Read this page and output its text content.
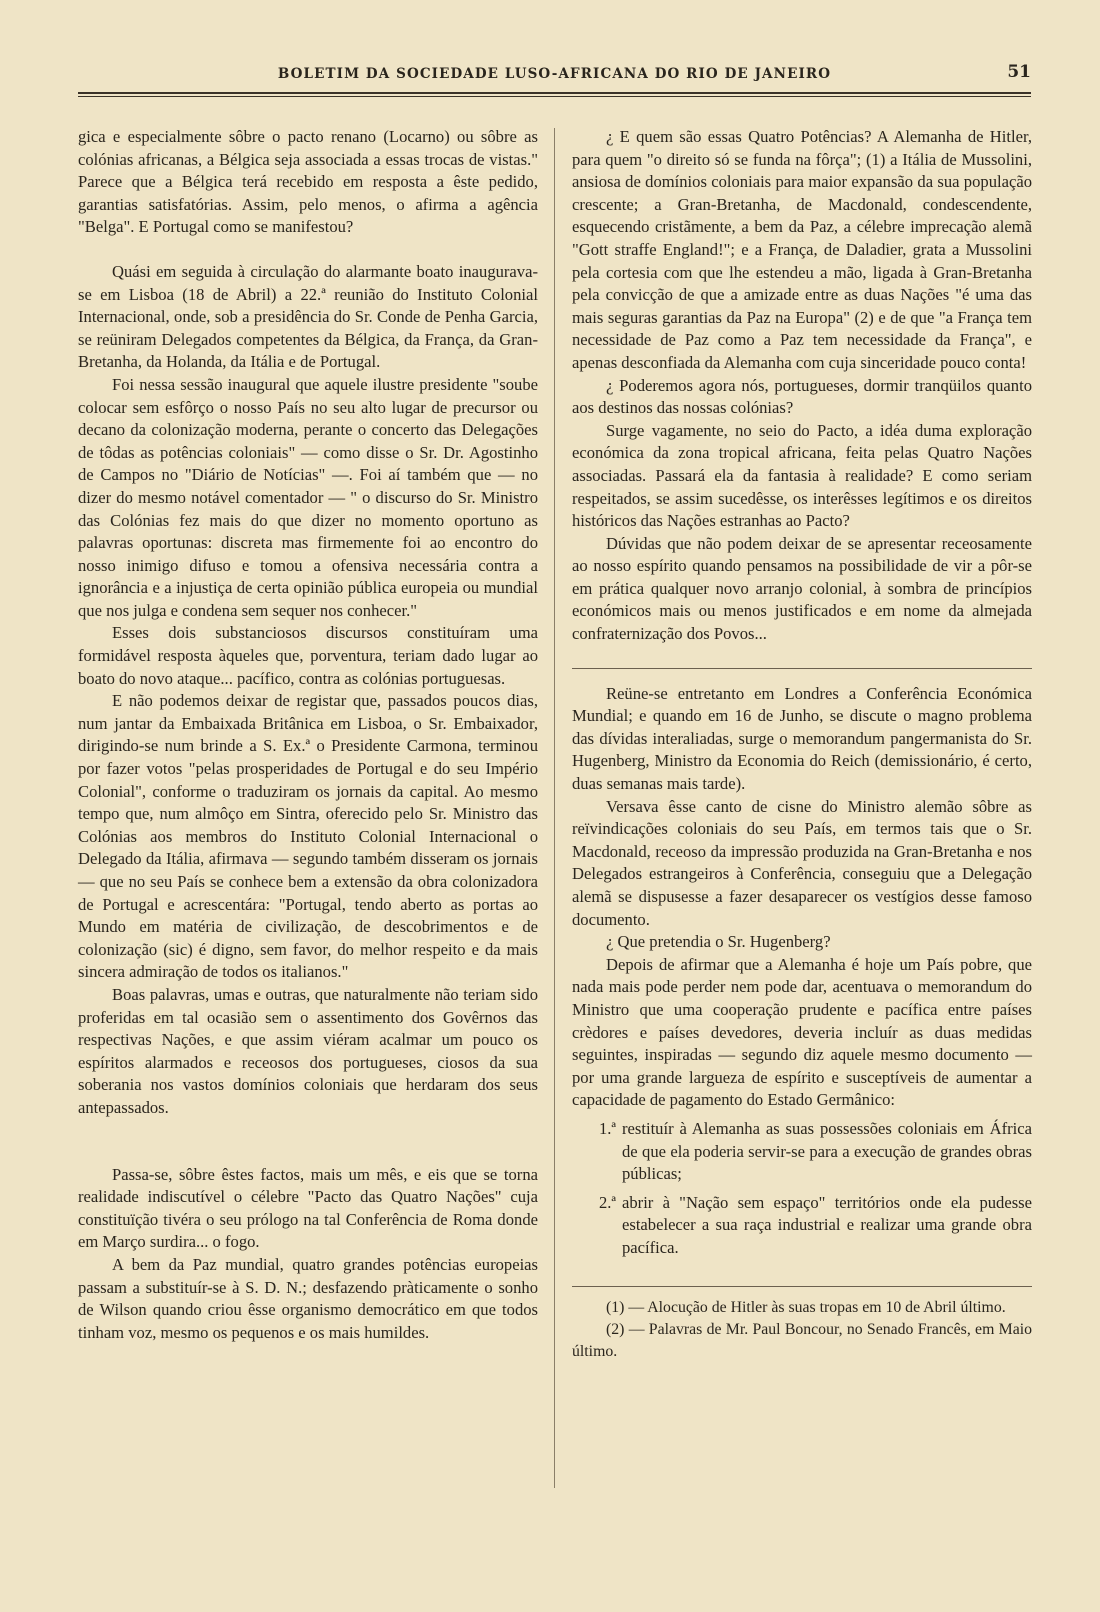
BOLETIM DA SOCIEDADE LUSO-AFRICANA DO RIO DE JANEIRO	51

gica e especialmente sôbre o pacto renano (Locarno) ou sôbre as colónias africanas, a Bélgica seja associada a essas trocas de vistas." Parece que a Bélgica terá recebido em resposta a êste pedido, garantias satisfatórias. Assim, pelo menos, o afirma a agência "Belga". E Portugal como se manifestou?

Quási em seguida à circulação do alarmante boato inaugurava-se em Lisboa (18 de Abril) a 22.ª reunião do Instituto Colonial Internacional, onde, sob a presidência do Sr. Conde de Penha Garcia, se reüniram Delegados competentes da Bélgica, da França, da Gran-Bretanha, da Holanda, da Itália e de Portugal.

Foi nessa sessão inaugural que aquele ilustre presidente "soube colocar sem esfôrço o nosso País no seu alto lugar de precursor ou decano da colonização moderna, perante o concerto das Delegações de tôdas as potências coloniais" — como disse o Sr. Dr. Agostinho de Campos no "Diário de Notícias" —. Foi aí também que — no dizer do mesmo notável comentador — " o discurso do Sr. Ministro das Colónias fez mais do que dizer no momento oportuno as palavras oportunas: discreta mas firmemente foi ao encontro do nosso inimigo difuso e tomou a ofensiva necessária contra a ignorância e a injustiça de certa opinião pública europeia ou mundial que nos julga e condena sem sequer nos conhecer."

Esses dois substanciosos discursos constituíram uma formidável resposta àqueles que, porventura, teriam dado lugar ao boato do novo ataque... pacífico, contra as colónias portuguesas.

E não podemos deixar de registar que, passados poucos dias, num jantar da Embaixada Britânica em Lisboa, o Sr. Embaixador, dirigindo-se num brinde a S. Ex.ª o Presidente Carmona, terminou por fazer votos "pelas prosperidades de Portugal e do seu Império Colonial", conforme o traduziram os jornais da capital. Ao mesmo tempo que, num almôço em Sintra, oferecido pelo Sr. Ministro das Colónias aos membros do Instituto Colonial Internacional o Delegado da Itália, afirmava — segundo também disseram os jornais — que no seu País se conhece bem a extensão da obra colonizadora de Portugal e acrescentára: "Portugal, tendo aberto as portas ao Mundo em matéria de civilização, de descobrimentos e de colonização (sic) é digno, sem favor, do melhor respeito e da mais sincera admiração de todos os italianos."

Boas palavras, umas e outras, que naturalmente não teriam sido proferidas em tal ocasião sem o assentimento dos Govêrnos das respectivas Nações, e que assim viéram acalmar um pouco os espíritos alarmados e receosos dos portugueses, ciosos da sua soberania nos vastos domínios coloniais que herdaram dos seus antepassados.

Passa-se, sôbre êstes factos, mais um mês, e eis que se torna realidade indiscutível o célebre "Pacto das Quatro Nações" cuja constituïção tivéra o seu prólogo na tal Conferência de Roma donde em Março surdira... o fogo.

A bem da Paz mundial, quatro grandes potências europeias passam a substituír-se à S. D. N.; desfazendo pràticamente o sonho de Wilson quando criou êsse organismo democrático em que todos tinham voz, mesmo os pequenos e os mais humildes.

¿ E quem são essas Quatro Potências? A Alemanha de Hitler, para quem "o direito só se funda na fôrça"; (1) a Itália de Mussolini, ansiosa de domínios coloniais para maior expansão da sua população crescente; a Gran-Bretanha, de Macdonald, condescendente, esquecendo cristãmente, a bem da Paz, a célebre imprecação alemã "Gott straffe England!"; e a França, de Daladier, grata a Mussolini pela cortesia com que lhe estendeu a mão, ligada à Gran-Bretanha pela convicção de que a amizade entre as duas Nações "é uma das mais seguras garantias da Paz na Europa" (2) e de que "a França tem necessidade de Paz como a Paz tem necessidade da França", e apenas desconfiada da Alemanha com cuja sinceridade pouco conta!

¿ Poderemos agora nós, portugueses, dormir tranqüilos quanto aos destinos das nossas colónias?

Surge vagamente, no seio do Pacto, a idéa duma exploração económica da zona tropical africana, feita pelas Quatro Nações associadas. Passará ela da fantasia à realidade? E como seriam respeitados, se assim sucedêsse, os interêsses legítimos e os direitos históricos das Nações estranhas ao Pacto?

Dúvidas que não podem deixar de se apresentar receosamente ao nosso espírito quando pensamos na possibilidade de vir a pôr-se em prática qualquer novo arranjo colonial, à sombra de princípios económicos mais ou menos justificados e em nome da almejada confraternização dos Povos...

Reüne-se entretanto em Londres a Conferência Económica Mundial; e quando em 16 de Junho, se discute o magno problema das dívidas interaliadas, surge o memorandum pangermanista do Sr. Hugenberg, Ministro da Economia do Reich (demissionário, é certo, duas semanas mais tarde).

Versava êsse canto de cisne do Ministro alemão sôbre as reïvindicações coloniais do seu País, em termos tais que o Sr. Macdonald, receoso da impressão produzida na Gran-Bretanha e nos Delegados estrangeiros à Conferência, conseguiu que a Delegação alemã se dispusesse a fazer desaparecer os vestígios desse famoso documento.

¿ Que pretendia o Sr. Hugenberg?

Depois de afirmar que a Alemanha é hoje um País pobre, que nada mais pode perder nem pode dar, acentuava o memorandum do Ministro que uma cooperação prudente e pacífica entre países crèdores e países devedores, deveria incluír as duas medidas seguintes, inspiradas — segundo diz aquele mesmo documento — por uma grande largueza de espírito e susceptíveis de aumentar a capacidade de pagamento do Estado Germânico:

1.ª restituír à Alemanha as suas possessões coloniais em África de que ela poderia servir-se para a execução de grandes obras públicas;
2.ª abrir à "Nação sem espaço" territórios onde ela pudesse estabelecer a sua raça industrial e realizar uma grande obra pacífica.

(1) — Alocução de Hitler às suas tropas em 10 de Abril último.

(2) — Palavras de Mr. Paul Boncour, no Senado Francês, em Maio último.
